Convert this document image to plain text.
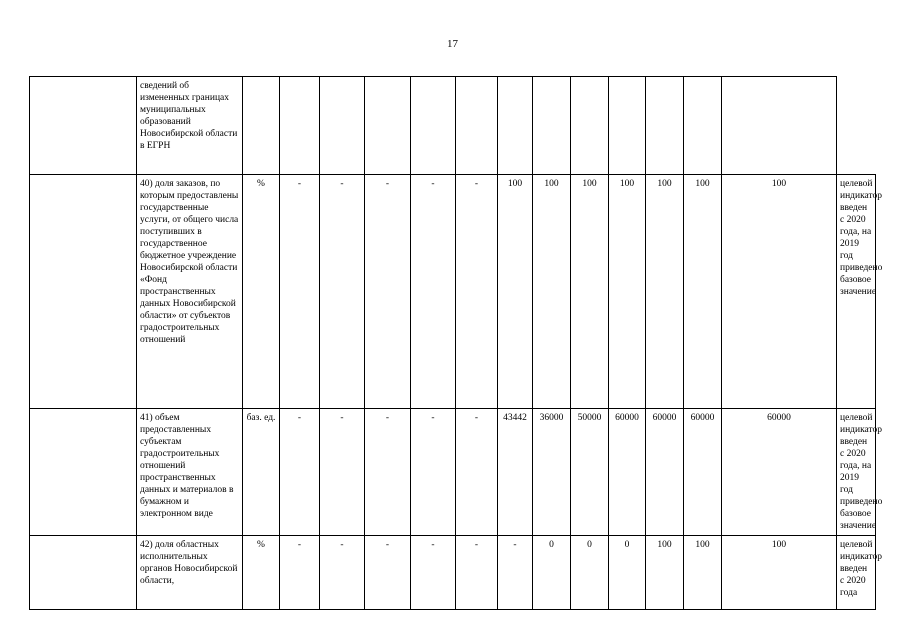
17
	сведений об измененных границах муниципальных образований Новосибирской области в ЕГРН														
	40) доля заказов, по которым предоставлены государственные услуги, от общего числа поступивших в государственное бюджетное учреждение Новосибирской области «Фонд пространственных данных Новосибирской области» от субъектов градостроительных отношений	%	-	-	-	-	-	100	100	100	100	100	100	100	целевой индикатор введен с 2020 года, на 2019 год приведено базовое значение
	41) объем предоставленных субъектам градостроительных отношений пространственных данных и материалов в бумажном и электронном виде	баз. ед.	-	-	-	-	-	43442	36000	50000	60000	60000	60000	60000	целевой индикатор введен с 2020 года, на 2019 год приведено базовое значение
	42) доля областных исполнительных органов Новосибирской области,	%	-	-	-	-	-	-	0	0	0	100	100	100	целевой индикатор введен с 2020 года
